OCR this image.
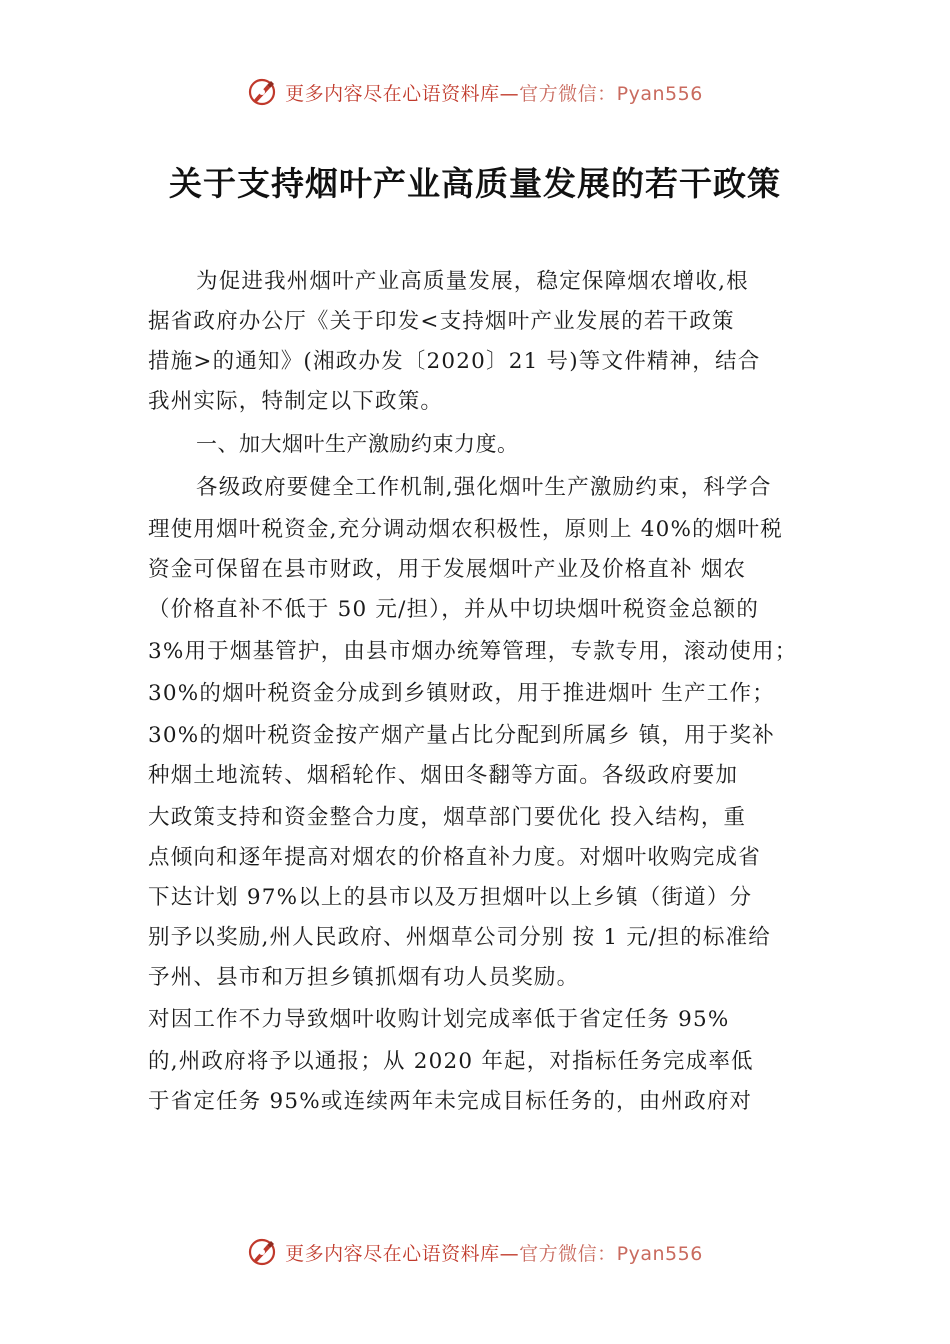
更多内容尽在心语资料库—官方微信：Pyan556
关于支持烟叶产业高质量发展的若干政策
为促进我州烟叶产业高质量发展，稳定保障烟农增收,根
据省政府办公厅《关于印发<支持烟叶产业发展的若干政策
措施>的通知》(湘政办发〔2020〕21 号)等文件精神，结合
我州实际，特制定以下政策。
一、加大烟叶生产激励约束力度。
各级政府要健全工作机制,强化烟叶生产激励约束，科学合
理使用烟叶税资金,充分调动烟农积极性，原则上 40%的烟叶税
资金可保留在县市财政，用于发展烟叶产业及价格直补 烟农
（价格直补不低于 50 元/担），并从中切块烟叶税资金总额的
3%用于烟基管护，由县市烟办统筹管理，专款专用，滚动使用；
30%的烟叶税资金分成到乡镇财政，用于推进烟叶 生产工作；
30%的烟叶税资金按产烟产量占比分配到所属乡 镇，用于奖补
种烟土地流转、烟稻轮作、烟田冬翻等方面。各级政府要加
大政策支持和资金整合力度，烟草部门要优化 投入结构，重
点倾向和逐年提高对烟农的价格直补力度。对烟叶收购完成省
下达计划 97%以上的县市以及万担烟叶以上乡镇（街道）分
别予以奖励,州人民政府、州烟草公司分别 按 1 元/担的标准给
予州、县市和万担乡镇抓烟有功人员奖励。
对因工作不力导致烟叶收购计划完成率低于省定任务 95%
的,州政府将予以通报；从 2020 年起，对指标任务完成率低
于省定任务 95%或连续两年未完成目标任务的，由州政府对
更多内容尽在心语资料库—官方微信：Pyan556
